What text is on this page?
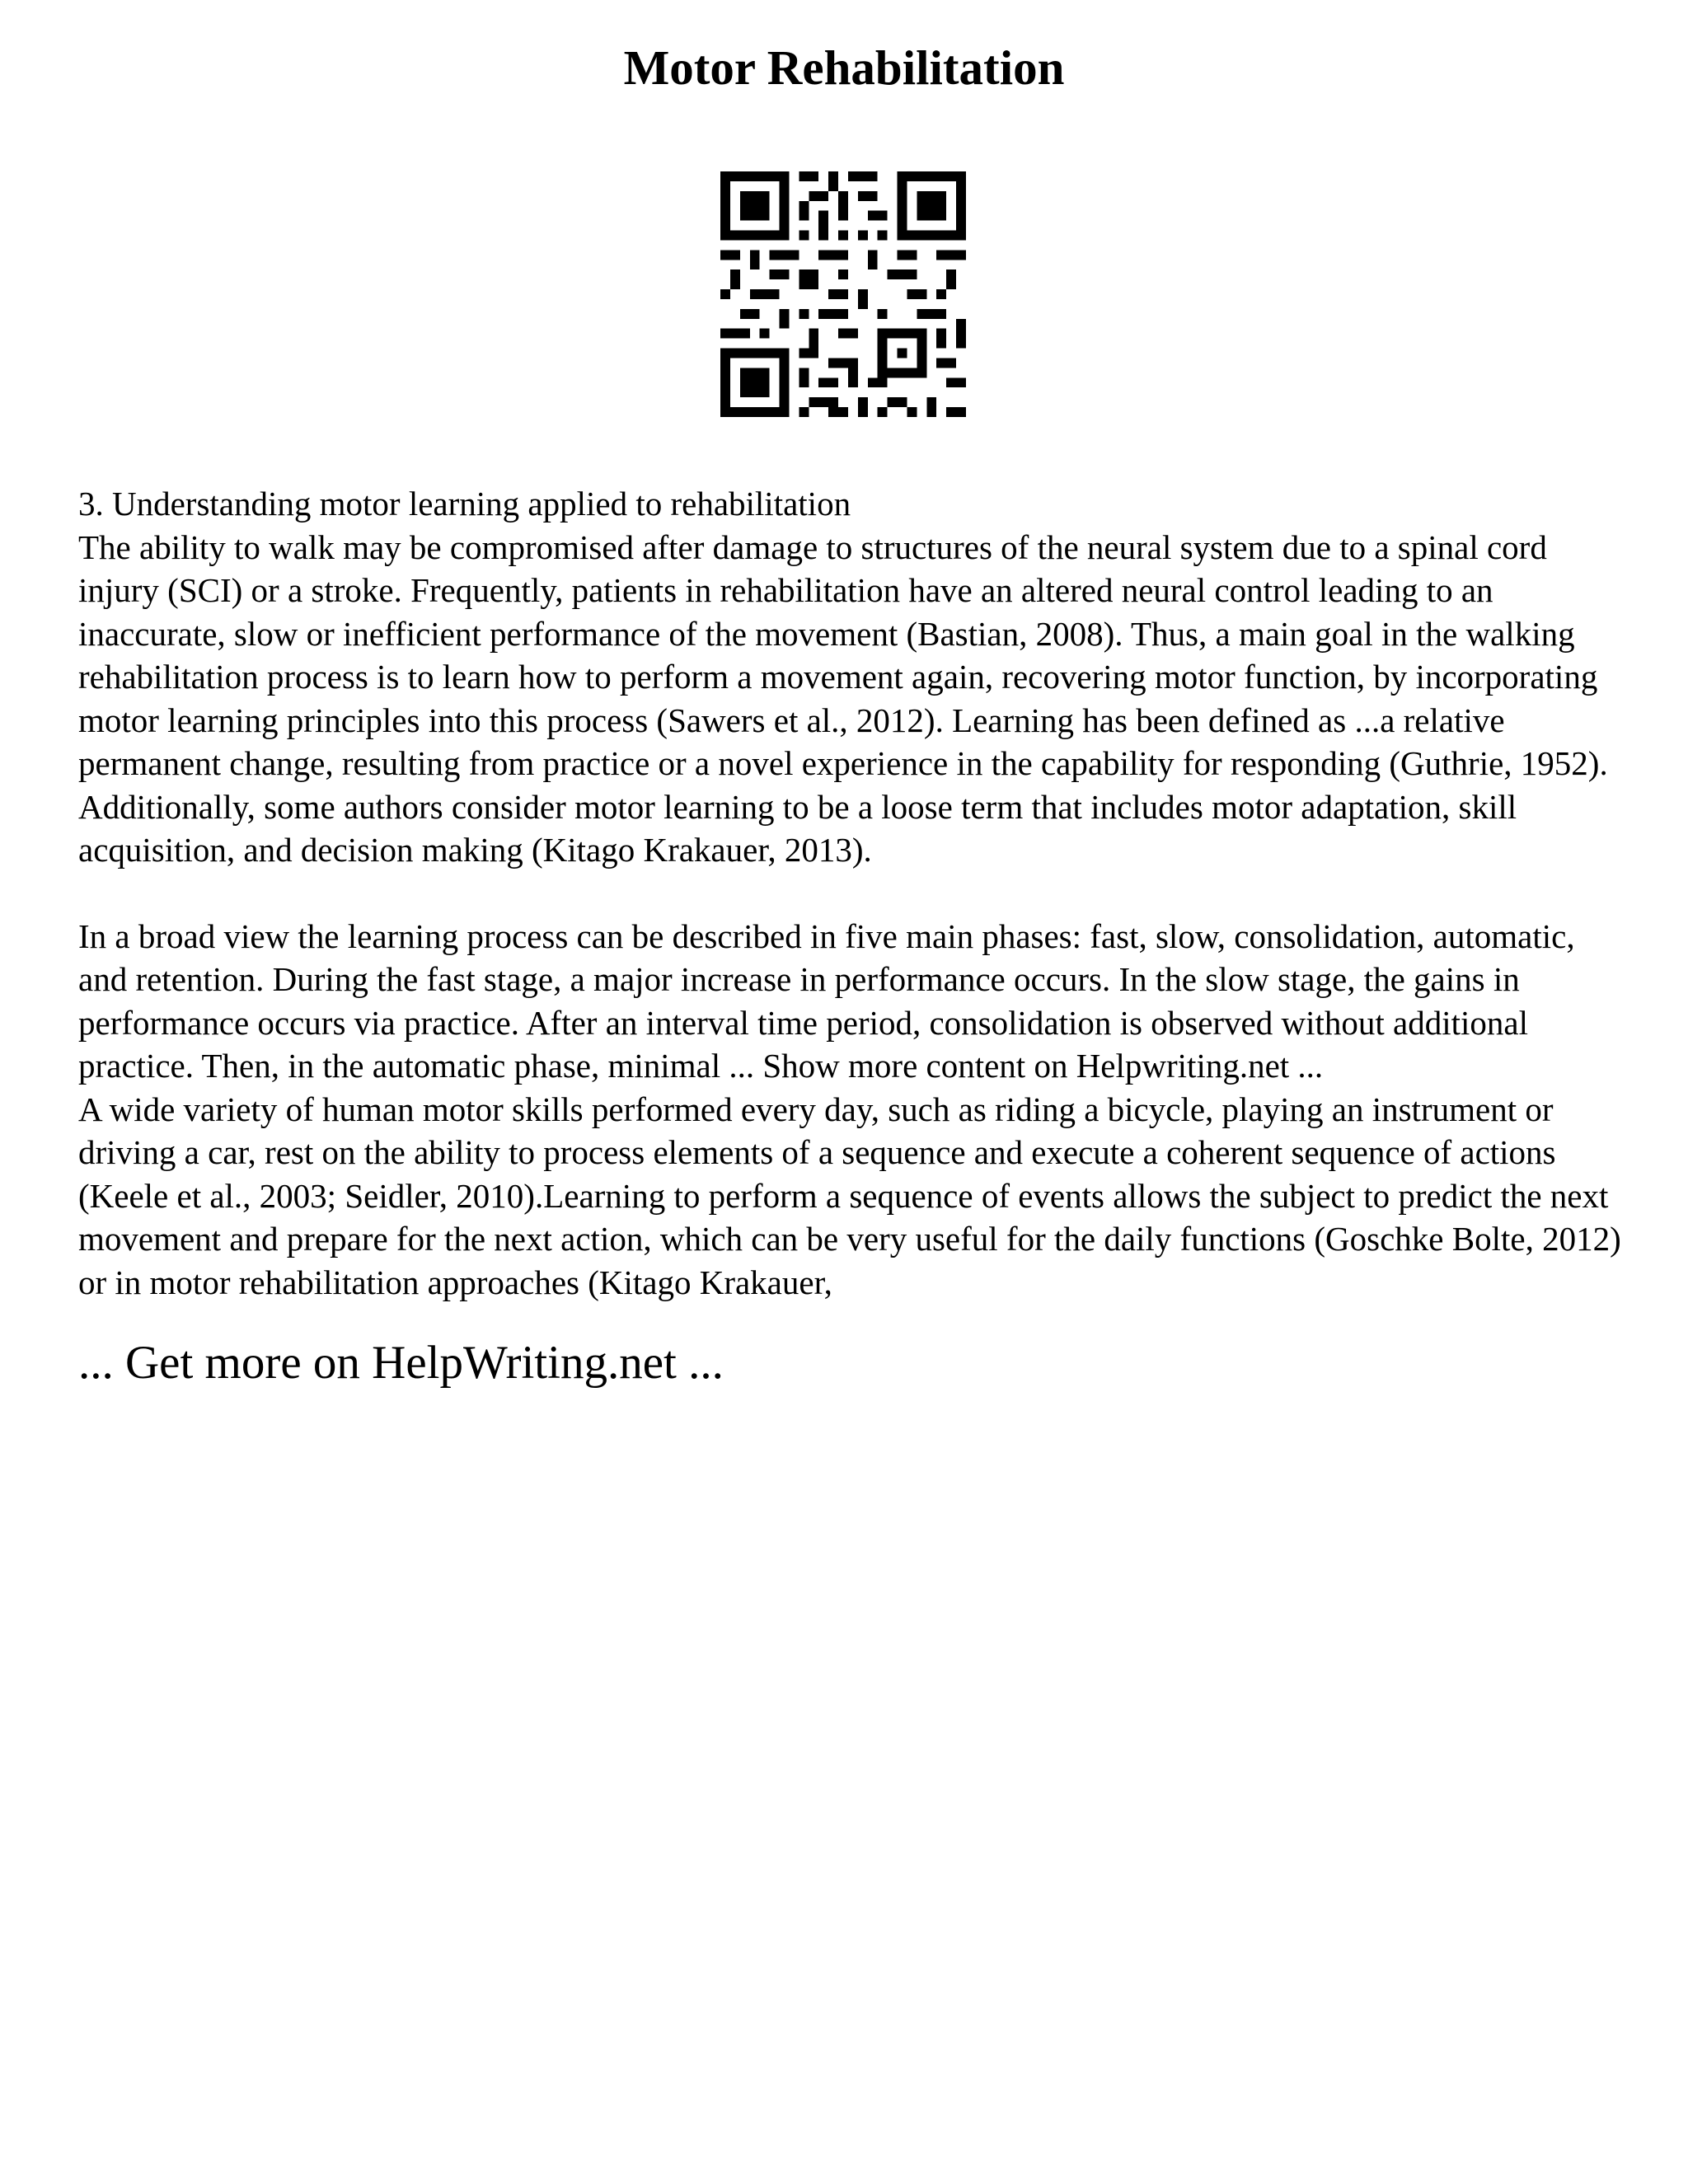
Motor Rehabilitation

3. Understanding motor learning applied to rehabilitation

The ability to walk may be compromised after damage to structures of the neural system due to a spinal cord injury (SCI) or a stroke. Frequently, patients in rehabilitation have an altered neural control leading to an inaccurate, slow or inefficient performance of the movement (Bastian, 2008). Thus, a main goal in the walking rehabilitation process is to learn how to perform a movement again, recovering motor function, by incorporating motor learning principles into this process (Sawers et al., 2012). Learning has been defined as ...a relative permanent change, resulting from practice or a novel experience in the capability for responding (Guthrie, 1952). Additionally, some authors consider motor learning to be a loose term that includes motor adaptation, skill acquisition, and decision making (Kitago Krakauer, 2013).

In a broad view the learning process can be described in five main phases: fast, slow, consolidation, automatic, and retention. During the fast stage, a major increase in performance occurs. In the slow stage, the gains in performance occurs via practice. After an interval time period, consolidation is observed without additional practice. Then, in the automatic phase, minimal ... Show more content on Helpwriting.net ...

A wide variety of human motor skills performed every day, such as riding a bicycle, playing an instrument or driving a car, rest on the ability to process elements of a sequence and execute a coherent sequence of actions (Keele et al., 2003; Seidler, 2010).Learning to perform a sequence of events allows the subject to predict the next movement and prepare for the next action, which can be very useful for the daily functions (Goschke Bolte, 2012) or in motor rehabilitation approaches (Kitago Krakauer,

... Get more on HelpWriting.net ...
